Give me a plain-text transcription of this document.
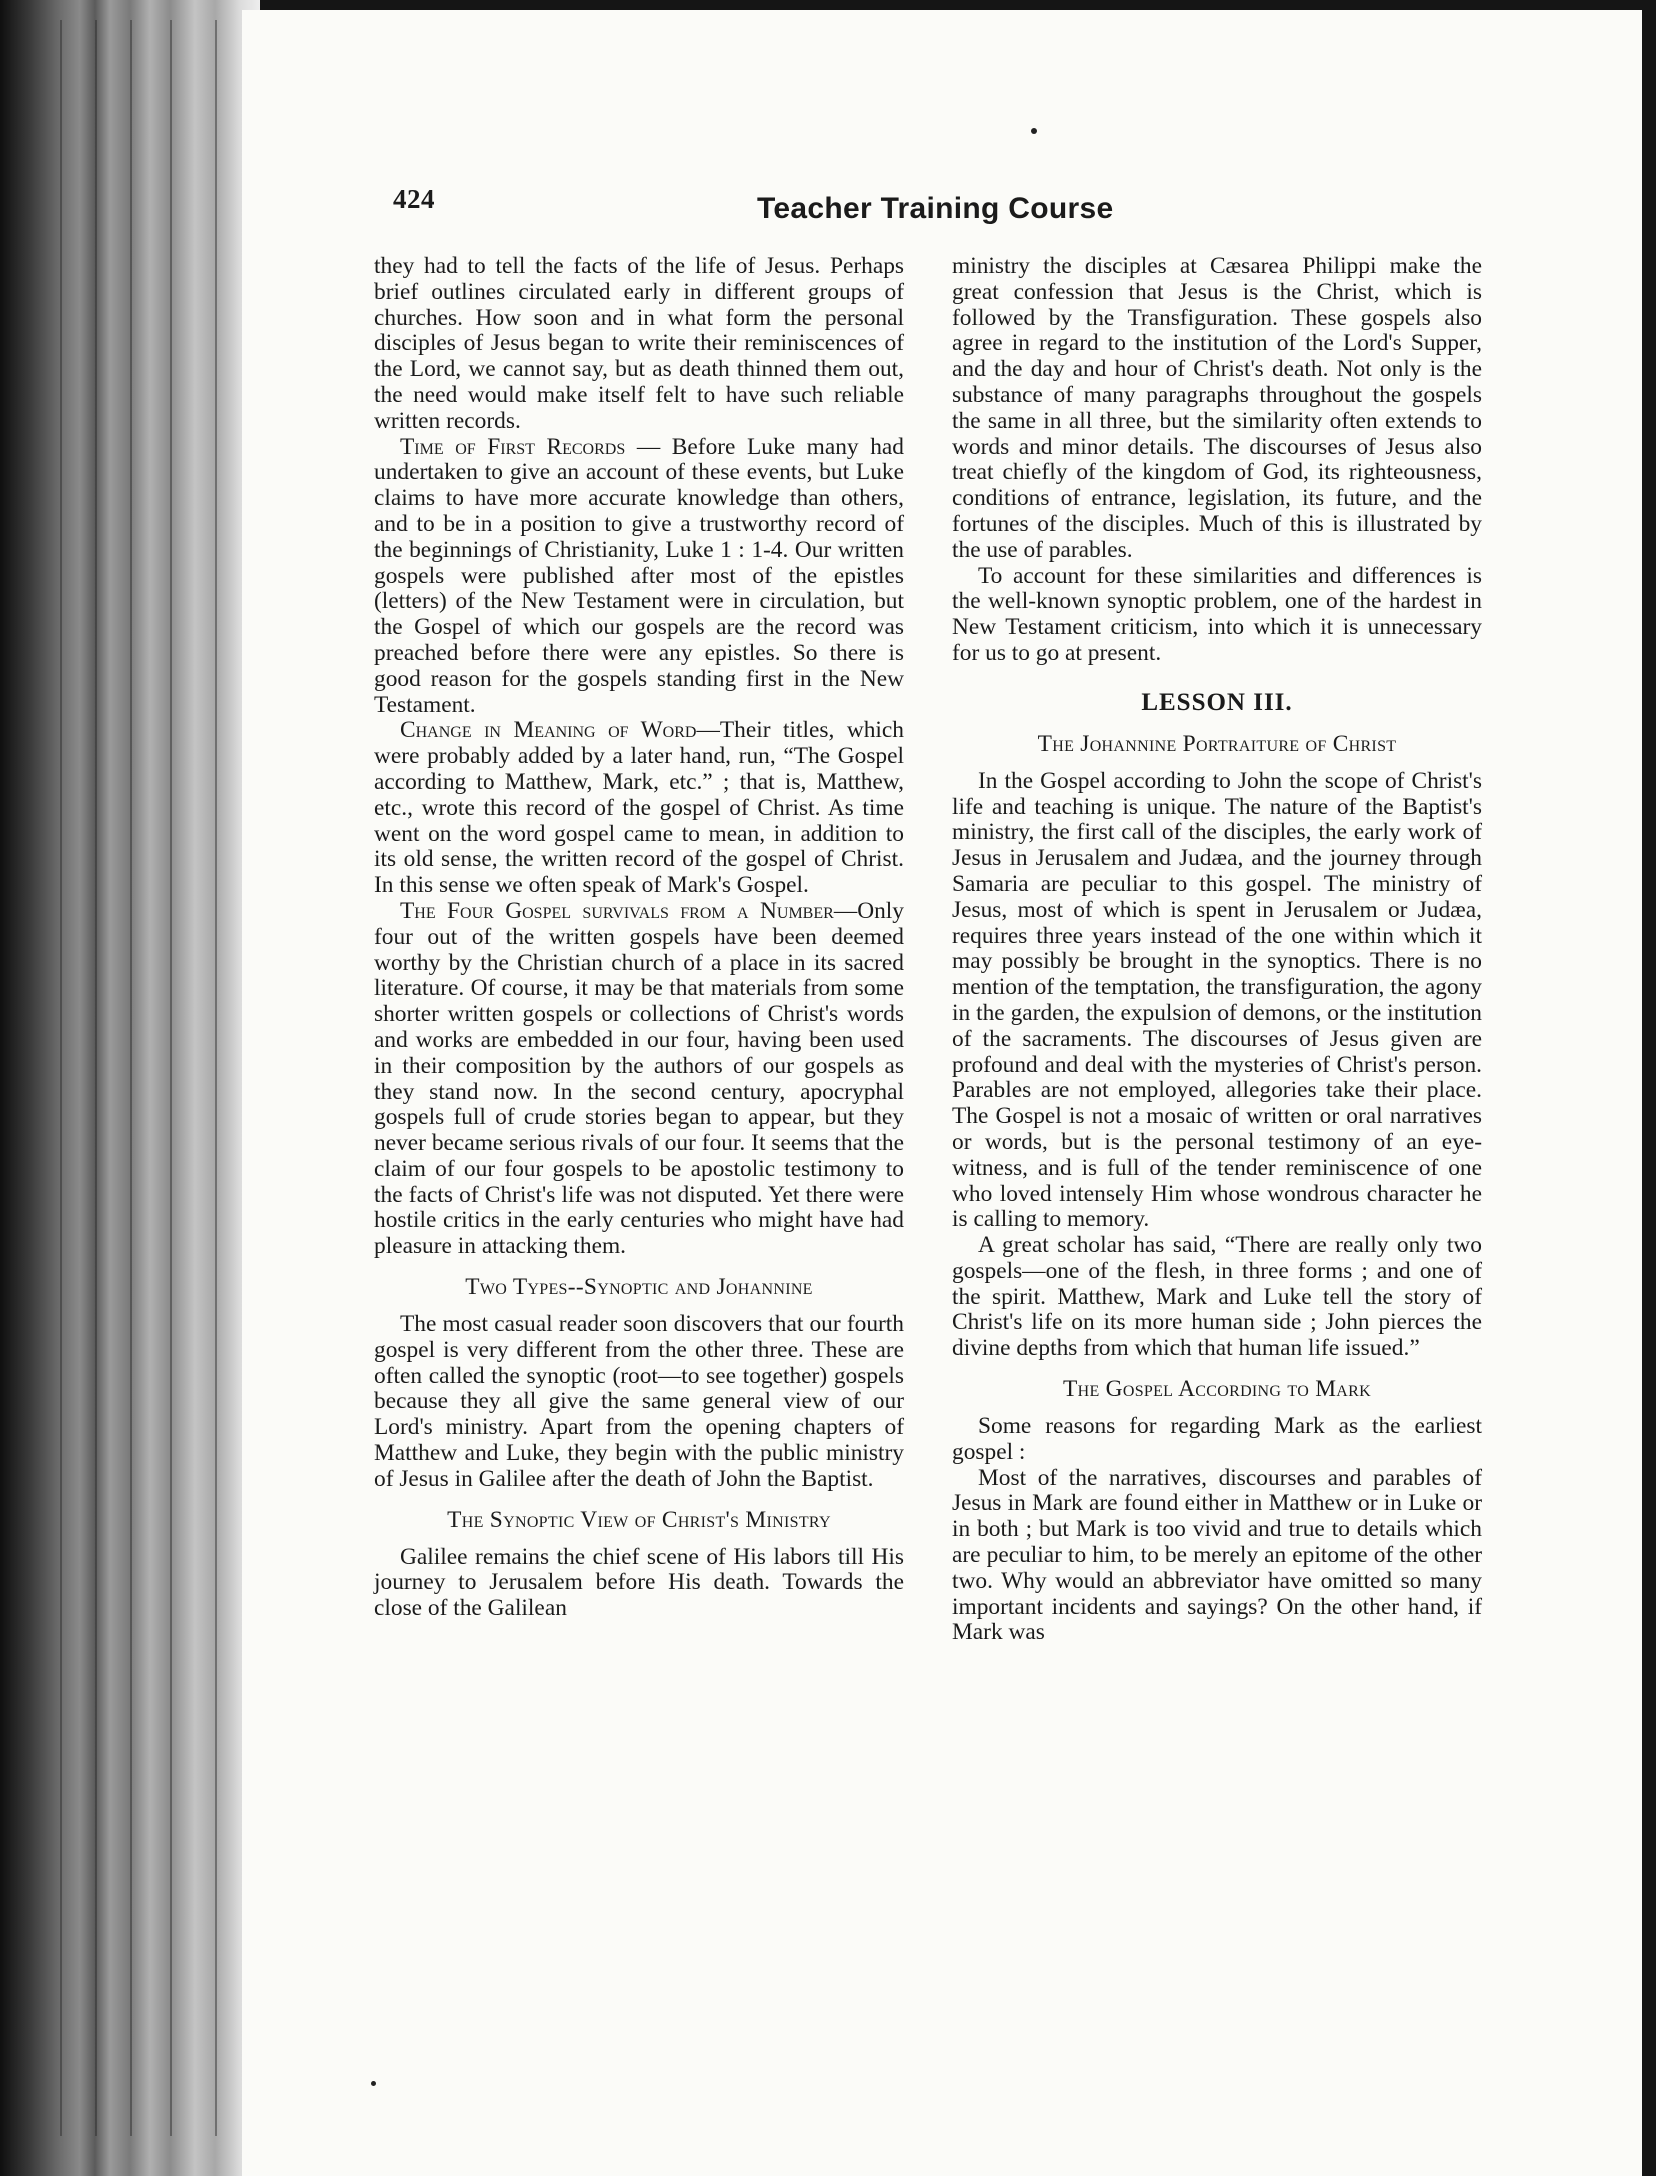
424	Teacher Training Course

they had to tell the facts of the life of Jesus. Perhaps brief outlines circulated early in different groups of churches. How soon and in what form the personal disciples of Jesus began to write their reminiscences of the Lord, we cannot say, but as death thinned them out, the need would make itself felt to have such reliable written records.

Time of First Records — Before Luke many had undertaken to give an account of these events, but Luke claims to have more accurate knowledge than others, and to be in a position to give a trustworthy record of the beginnings of Christianity, Luke 1 : 1-4. Our written gospels were published after most of the epistles (letters) of the New Testament were in circulation, but the Gospel of which our gospels are the record was preached before there were any epistles. So there is good reason for the gospels standing first in the New Testament.

Change in Meaning of Word—Their titles, which were probably added by a later hand, run, “The Gospel according to Matthew, Mark, etc.” ; that is, Matthew, etc., wrote this record of the gospel of Christ. As time went on the word gospel came to mean, in addition to its old sense, the written record of the gospel of Christ. In this sense we often speak of Mark's Gospel.

The Four Gospel survivals from a Number—Only four out of the written gospels have been deemed worthy by the Christian church of a place in its sacred literature. Of course, it may be that materials from some shorter written gospels or collections of Christ's words and works are embedded in our four, having been used in their composition by the authors of our gospels as they stand now. In the second century, apocryphal gospels full of crude stories began to appear, but they never became serious rivals of our four. It seems that the claim of our four gospels to be apostolic testimony to the facts of Christ's life was not disputed. Yet there were hostile critics in the early centuries who might have had pleasure in attacking them.

Two Types--Synoptic and Johannine

The most casual reader soon discovers that our fourth gospel is very different from the other three. These are often called the synoptic (root—to see together) gospels because they all give the same general view of our Lord's ministry. Apart from the opening chapters of Matthew and Luke, they begin with the public ministry of Jesus in Galilee after the death of John the Baptist.

The Synoptic View of Christ's Ministry

Galilee remains the chief scene of His labors till His journey to Jerusalem before His death. Towards the close of the Galilean

ministry the disciples at Cæsarea Philippi make the great confession that Jesus is the Christ, which is followed by the Transfiguration. These gospels also agree in regard to the institution of the Lord's Supper, and the day and hour of Christ's death. Not only is the substance of many paragraphs throughout the gospels the same in all three, but the similarity often extends to words and minor details. The discourses of Jesus also treat chiefly of the kingdom of God, its righteousness, conditions of entrance, legislation, its future, and the fortunes of the disciples. Much of this is illustrated by the use of parables.

To account for these similarities and differences is the well-known synoptic problem, one of the hardest in New Testament criticism, into which it is unnecessary for us to go at present.

LESSON III.
The Johannine Portraiture of Christ

In the Gospel according to John the scope of Christ's life and teaching is unique. The nature of the Baptist's ministry, the first call of the disciples, the early work of Jesus in Jerusalem and Judæa, and the journey through Samaria are peculiar to this gospel. The ministry of Jesus, most of which is spent in Jerusalem or Judæa, requires three years instead of the one within which it may possibly be brought in the synoptics. There is no mention of the temptation, the transfiguration, the agony in the garden, the expulsion of demons, or the institution of the sacraments. The discourses of Jesus given are profound and deal with the mysteries of Christ's person. Parables are not employed, allegories take their place. The Gospel is not a mosaic of written or oral narratives or words, but is the personal testimony of an eye-witness, and is full of the tender reminiscence of one who loved intensely Him whose wondrous character he is calling to memory.

A great scholar has said, “There are really only two gospels—one of the flesh, in three forms ; and one of the spirit. Matthew, Mark and Luke tell the story of Christ's life on its more human side ; John pierces the divine depths from which that human life issued.”

The Gospel According to Mark

Some reasons for regarding Mark as the earliest gospel :

Most of the narratives, discourses and parables of Jesus in Mark are found either in Matthew or in Luke or in both ; but Mark is too vivid and true to details which are peculiar to him, to be merely an epitome of the other two. Why would an abbreviator have omitted so many important incidents and sayings? On the other hand, if Mark was
